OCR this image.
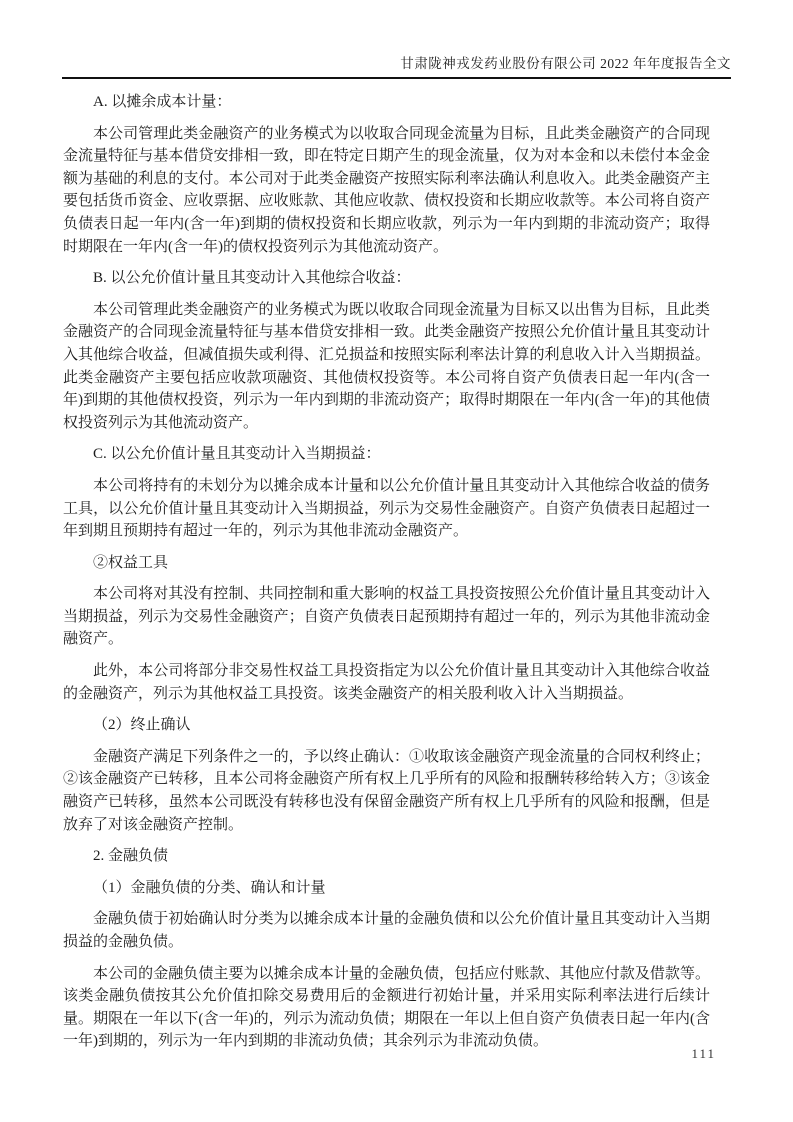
甘肃陇神戎发药业股份有限公司 2022 年年度报告全文

A. 以摊余成本计量：

本公司管理此类金融资产的业务模式为以收取合同现金流量为目标，且此类金融资产的合同现金流量特征与基本借贷安排相一致，即在特定日期产生的现金流量，仅为对本金和以未偿付本金金额为基础的利息的支付。本公司对于此类金融资产按照实际利率法确认利息收入。此类金融资产主要包括货币资金、应收票据、应收账款、其他应收款、债权投资和长期应收款等。本公司将自资产负债表日起一年内(含一年)到期的债权投资和长期应收款，列示为一年内到期的非流动资产；取得时期限在一年内(含一年)的债权投资列示为其他流动资产。

B. 以公允价值计量且其变动计入其他综合收益：

本公司管理此类金融资产的业务模式为既以收取合同现金流量为目标又以出售为目标，且此类金融资产的合同现金流量特征与基本借贷安排相一致。此类金融资产按照公允价值计量且其变动计入其他综合收益，但减值损失或利得、汇兑损益和按照实际利率法计算的利息收入计入当期损益。此类金融资产主要包括应收款项融资、其他债权投资等。本公司将自资产负债表日起一年内(含一年)到期的其他债权投资，列示为一年内到期的非流动资产；取得时期限在一年内(含一年)的其他债权投资列示为其他流动资产。

C. 以公允价值计量且其变动计入当期损益：

本公司将持有的未划分为以摊余成本计量和以公允价值计量且其变动计入其他综合收益的债务工具，以公允价值计量且其变动计入当期损益，列示为交易性金融资产。自资产负债表日起超过一年到期且预期持有超过一年的，列示为其他非流动金融资产。

②权益工具

本公司将对其没有控制、共同控制和重大影响的权益工具投资按照公允价值计量且其变动计入当期损益，列示为交易性金融资产；自资产负债表日起预期持有超过一年的，列示为其他非流动金融资产。

此外，本公司将部分非交易性权益工具投资指定为以公允价值计量且其变动计入其他综合收益的金融资产，列示为其他权益工具投资。该类金融资产的相关股利收入计入当期损益。

（2）终止确认

金融资产满足下列条件之一的，予以终止确认：①收取该金融资产现金流量的合同权利终止；②该金融资产已转移，且本公司将金融资产所有权上几乎所有的风险和报酬转移给转入方；③该金融资产已转移，虽然本公司既没有转移也没有保留金融资产所有权上几乎所有的风险和报酬，但是放弃了对该金融资产控制。

2. 金融负债

（1）金融负债的分类、确认和计量

金融负债于初始确认时分类为以摊余成本计量的金融负债和以公允价值计量且其变动计入当期损益的金融负债。

本公司的金融负债主要为以摊余成本计量的金融负债，包括应付账款、其他应付款及借款等。该类金融负债按其公允价值扣除交易费用后的金额进行初始计量，并采用实际利率法进行后续计量。期限在一年以下(含一年)的，列示为流动负债；期限在一年以上但自资产负债表日起一年内(含一年)到期的，列示为一年内到期的非流动负债；其余列示为非流动负债。

111
